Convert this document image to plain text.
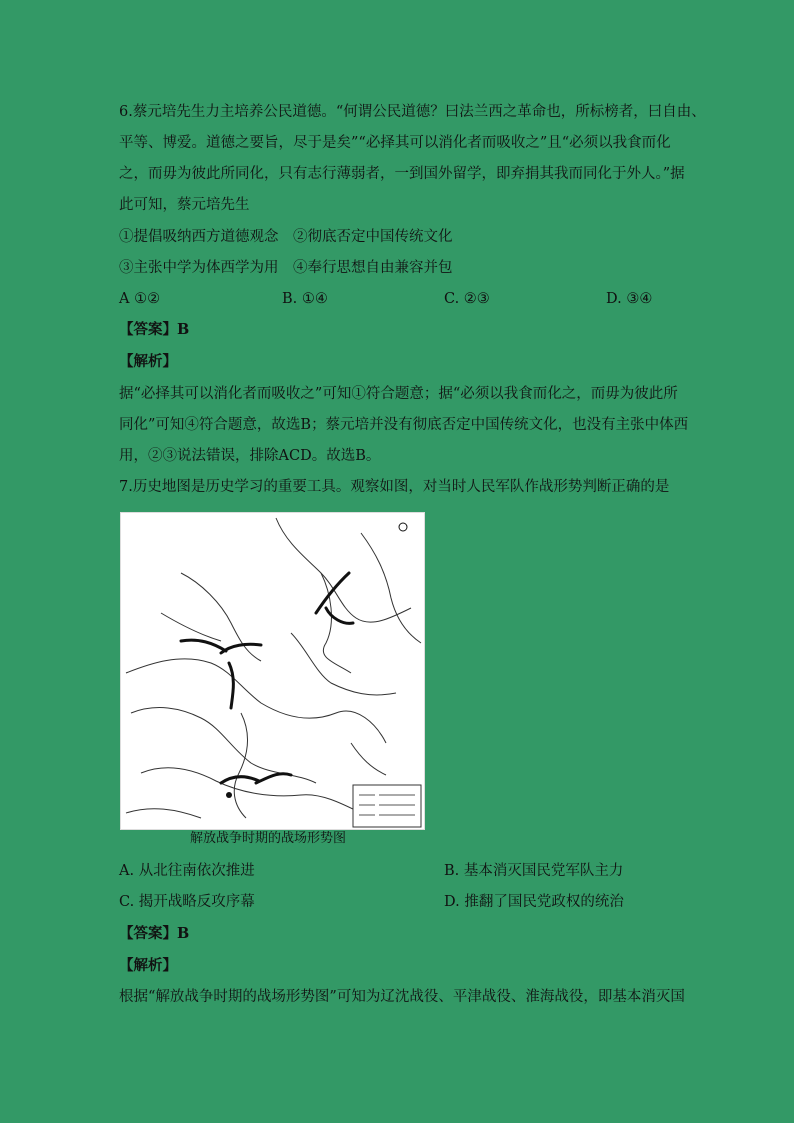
6.蔡元培先生力主培养公民道德。“何谓公民道德？曰法兰西之革命也，所标榜者，曰自由、
平等、博爱。道德之要旨，尽于是矣”“必择其可以消化者而吸收之”且“必须以我食而化
之，而毋为彼此所同化，只有志行薄弱者，一到国外留学，即弃捐其我而同化于外人。”据
此可知，蔡元培先生
①提倡吸纳西方道德观念　②彻底否定中国传统文化
③主张中学为体西学为用　④奉行思想自由兼容并包
A ①②	B. ①④	C. ②③	D. ③④
【答案】B
【解析】
据“必择其可以消化者而吸收之”可知①符合题意；据“必须以我食而化之，而毋为彼此所
同化”可知④符合题意，故选B；蔡元培并没有彻底否定中国传统文化，也没有主张中体西
用，②③说法错误，排除ACD。故选B。
7.历史地图是历史学习的重要工具。观察如图，对当时人民军队作战形势判断正确的是
解放战争时期的战场形势图
A. 从北往南依次推进	B. 基本消灭国民党军队主力
C. 揭开战略反攻序幕	D. 推翻了国民党政权的统治
【答案】B
【解析】
根据“解放战争时期的战场形势图”可知为辽沈战役、平津战役、淮海战役，即基本消灭国
